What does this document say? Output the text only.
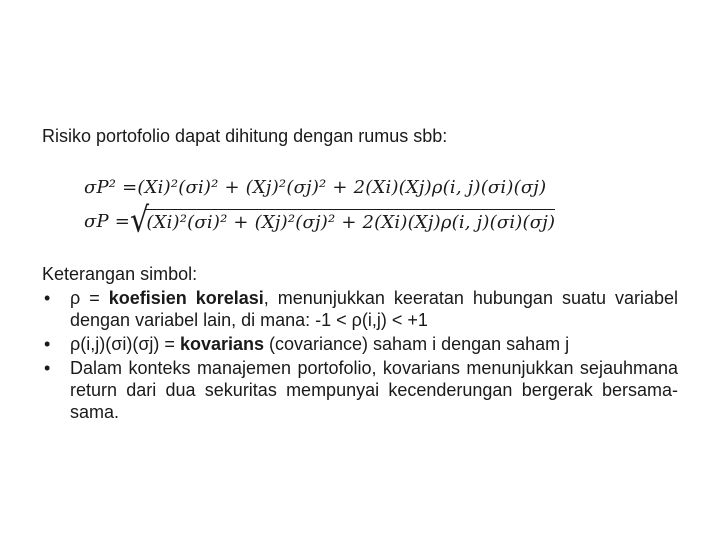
Risiko portofolio dapat dihitung dengan rumus sbb:
σP² =(Xi)²(σi)² + (Xj)²(σj)² + 2(Xi)(Xj)ρ(i, j)(σi)(σj)
σP =√(Xi)²(σi)² + (Xj)²(σj)² + 2(Xi)(Xj)ρ(i, j)(σi)(σj)
Keterangan simbol:
• ρ = koefisien korelasi, menunjukkan keeratan hubungan suatu variabel dengan variabel lain, di mana: -1 < ρ(i,j) < +1
• ρ(i,j)(σi)(σj) = kovarians (covariance) saham i dengan saham j
• Dalam konteks manajemen portofolio, kovarians menunjukkan sejauhmana return dari dua sekuritas mempunyai kecenderungan bergerak bersama-sama.
